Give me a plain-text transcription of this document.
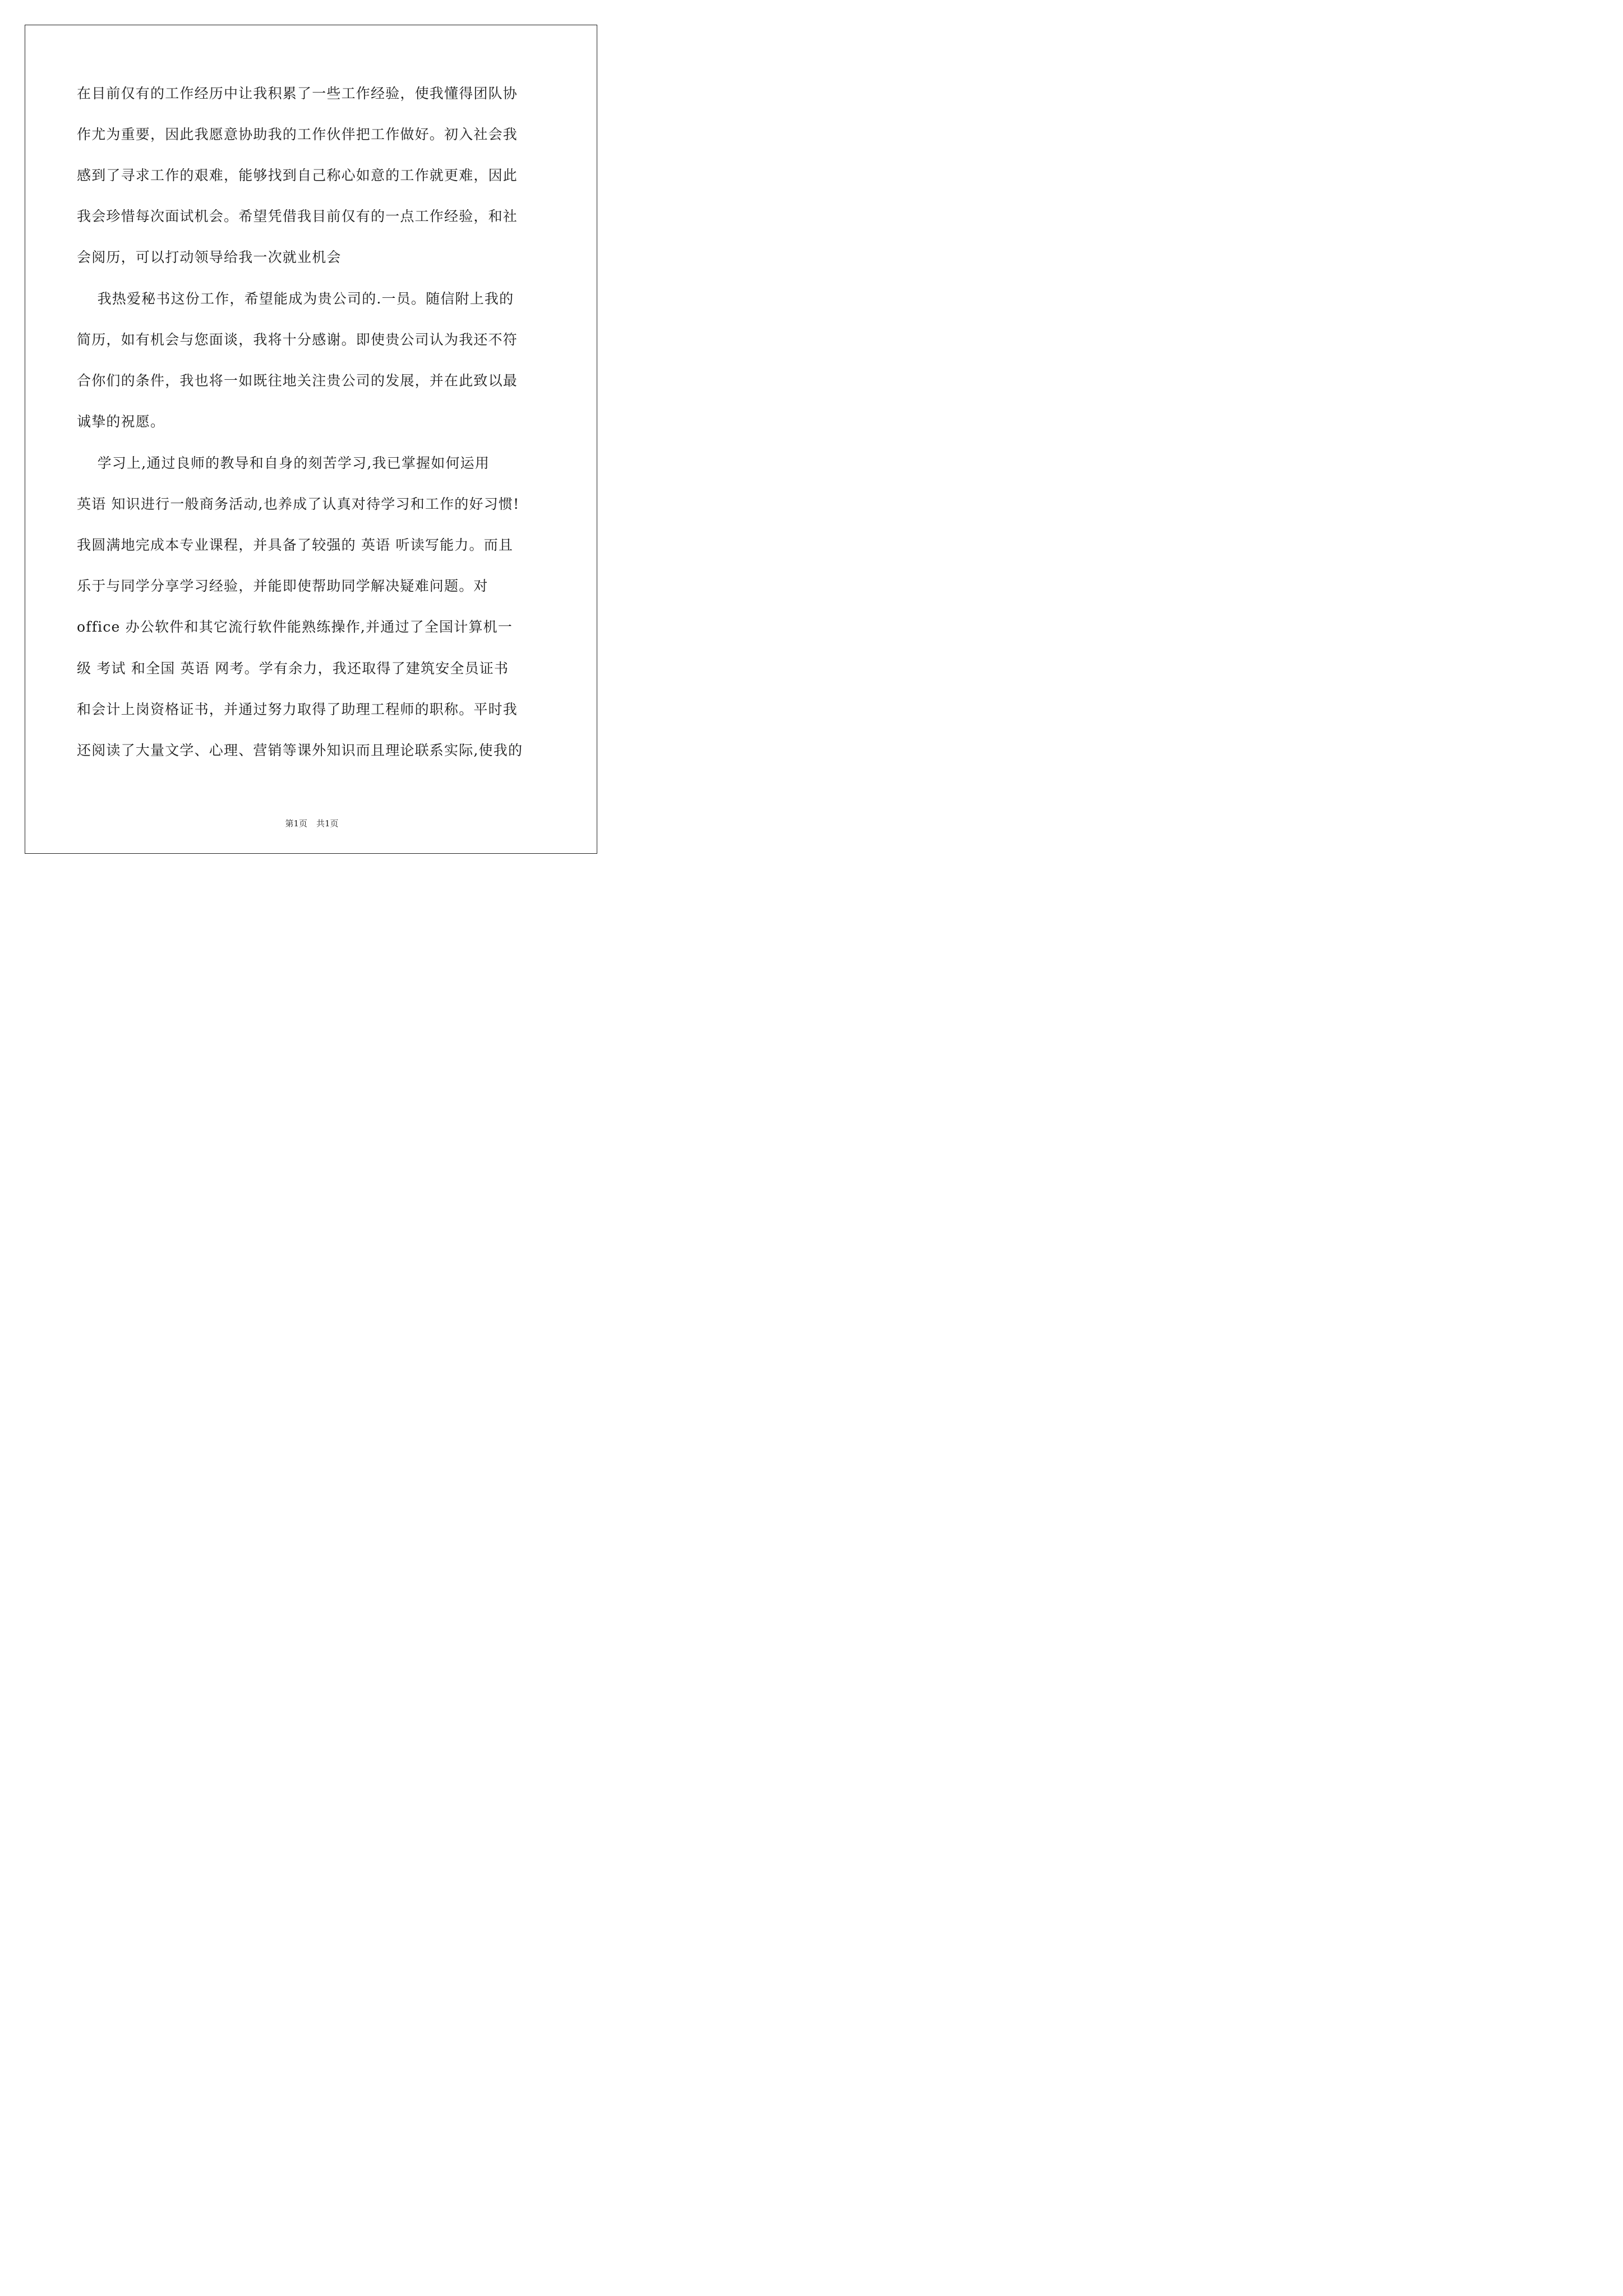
在目前仅有的工作经历中让我积累了一些工作经验，使我懂得团队协
作尤为重要，因此我愿意协助我的工作伙伴把工作做好。初入社会我
感到了寻求工作的艰难，能够找到自己称心如意的工作就更难，因此
我会珍惜每次面试机会。希望凭借我目前仅有的一点工作经验，和社
会阅历，可以打动领导给我一次就业机会
我热爱秘书这份工作，希望能成为贵公司的.一员。随信附上我的
简历，如有机会与您面谈，我将十分感谢。即使贵公司认为我还不符
合你们的条件，我也将一如既往地关注贵公司的发展，并在此致以最
诚挚的祝愿。
学习上,通过良师的教导和自身的刻苦学习,我已掌握如何运用
英语 知识进行一般商务活动,也养成了认真对待学习和工作的好习惯!
我圆满地完成本专业课程，并具备了较强的 英语 听读写能力。而且
乐于与同学分享学习经验，并能即使帮助同学解决疑难问题。对
office 办公软件和其它流行软件能熟练操作,并通过了全国计算机一
级 考试 和全国 英语 网考。学有余力，我还取得了建筑安全员证书
和会计上岗资格证书，并通过努力取得了助理工程师的职称。平时我
还阅读了大量文学、心理、营销等课外知识而且理论联系实际,使我的
第1页 共1页
